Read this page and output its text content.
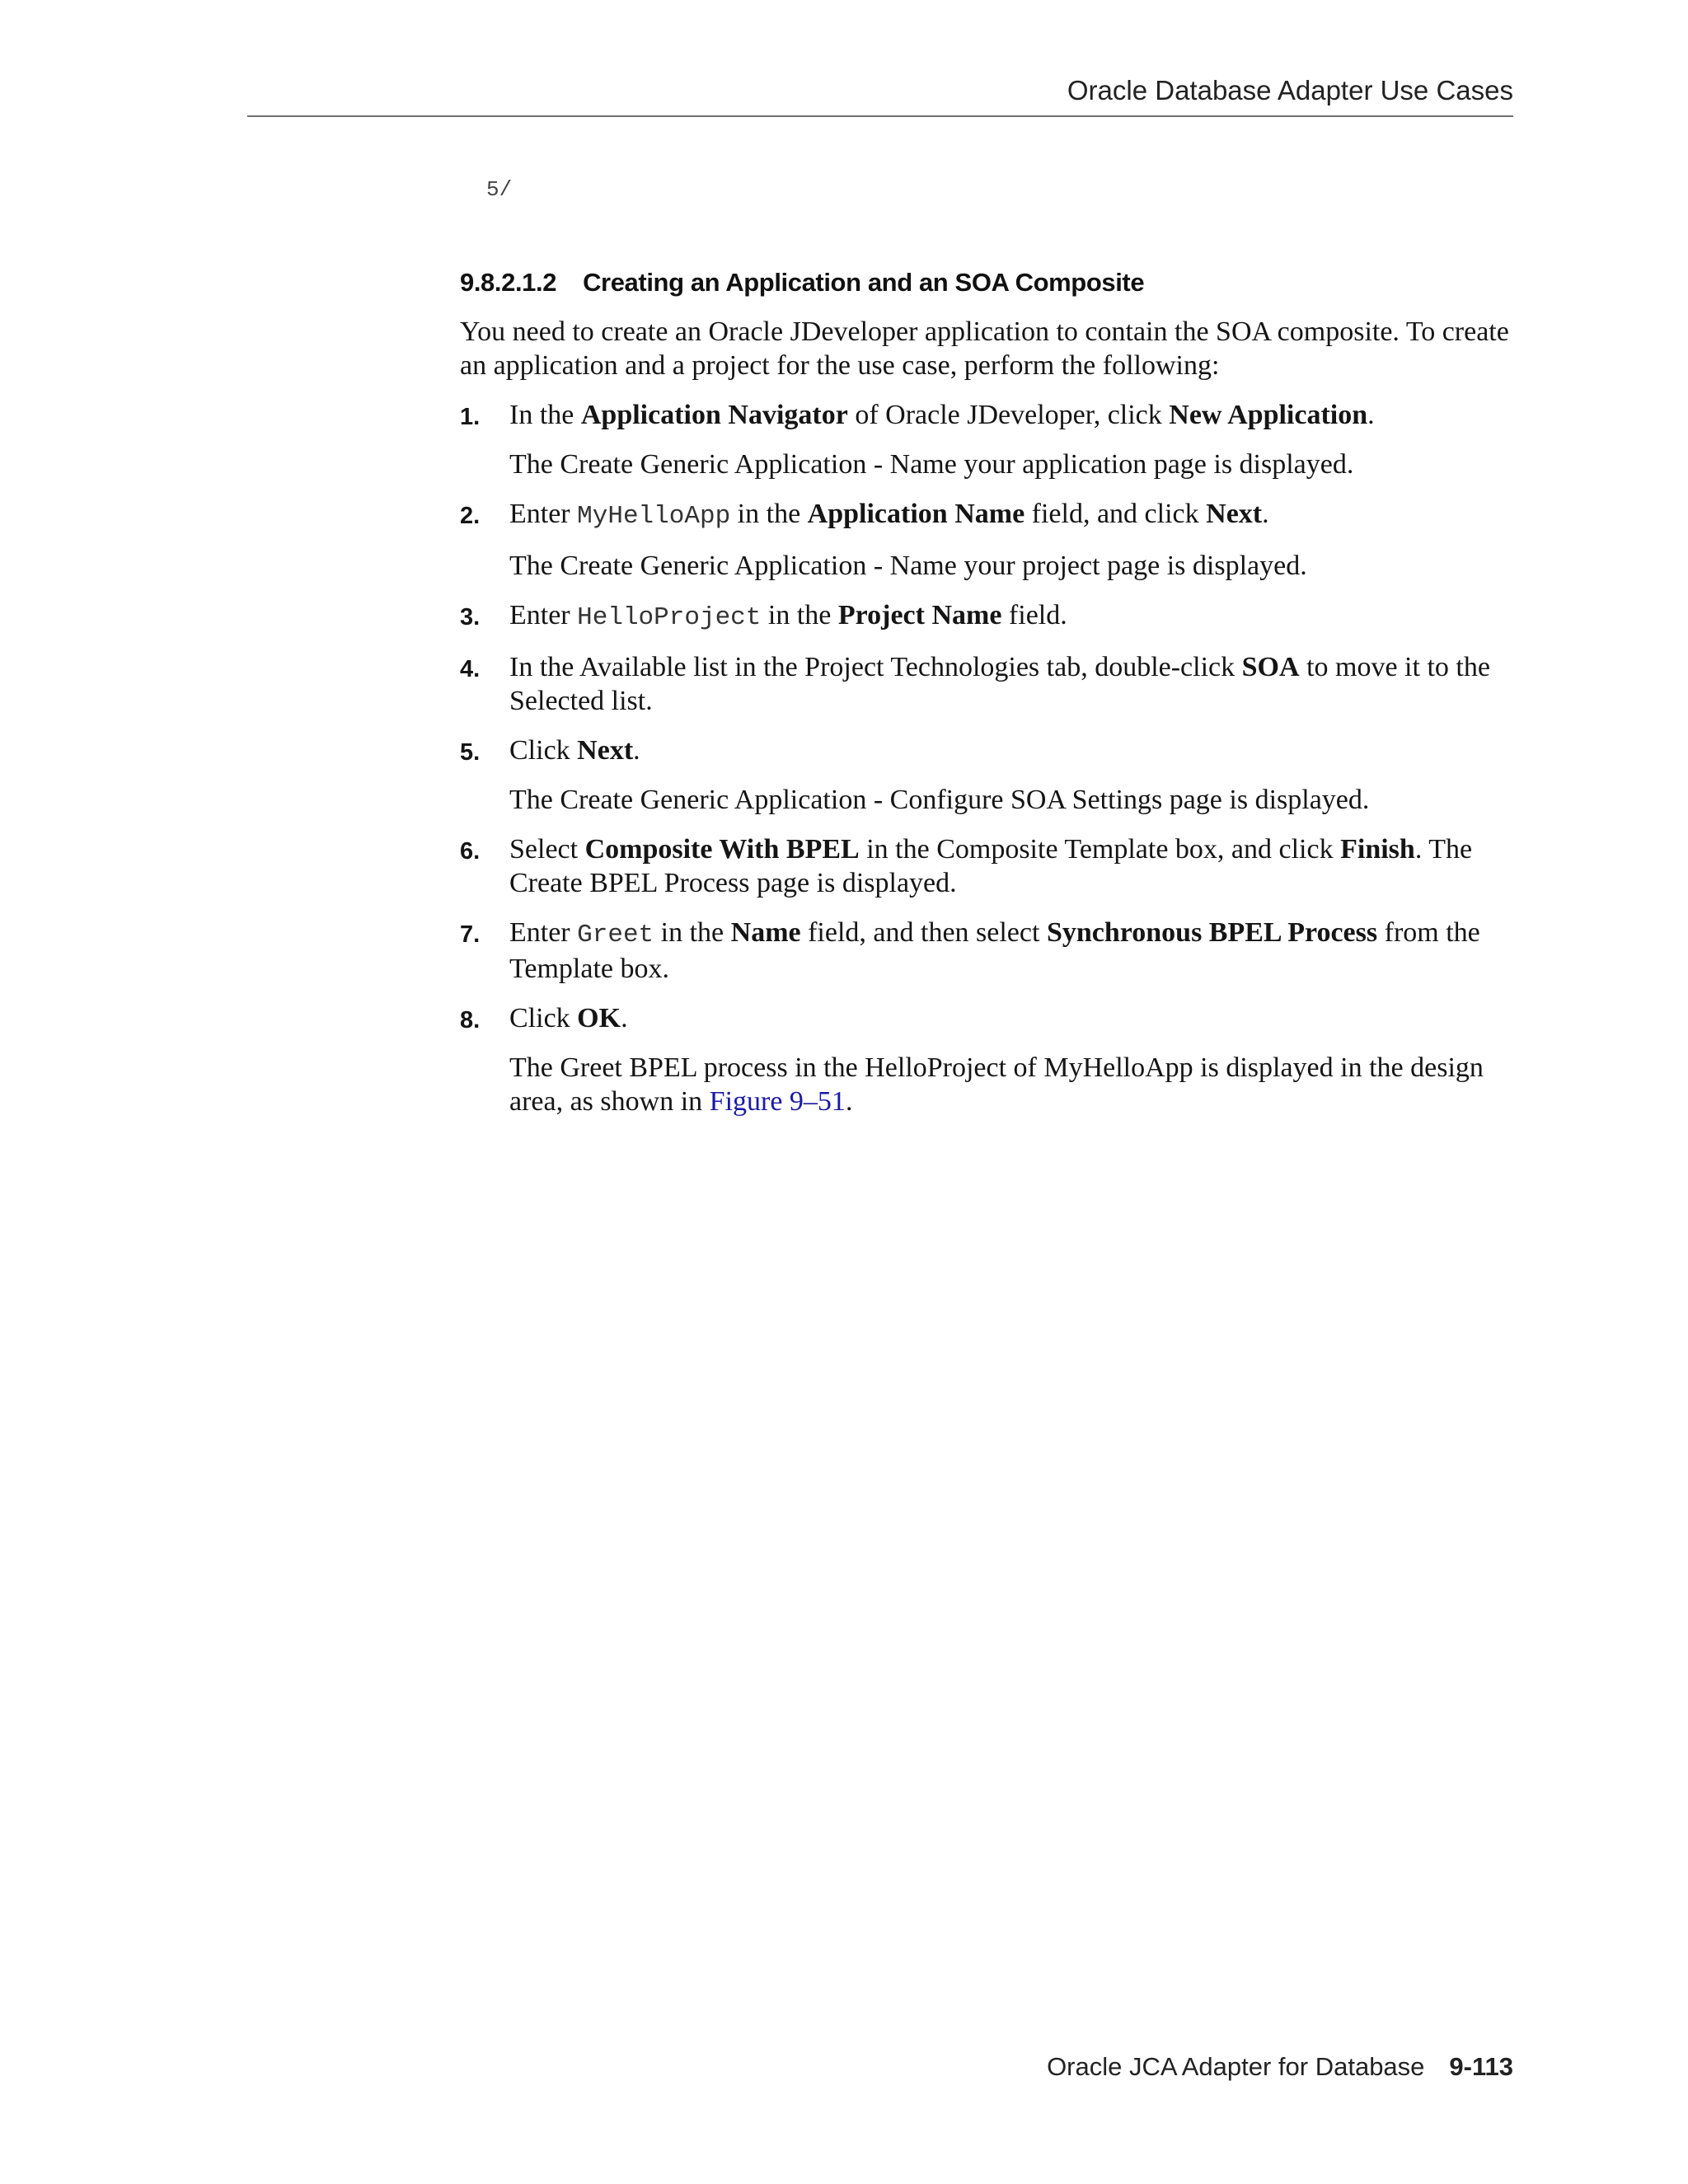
Oracle Database Adapter Use Cases
5/
9.8.2.1.2 Creating an Application and an SOA Composite

You need to create an Oracle JDeveloper application to contain the SOA composite. To create an application and a project for the use case, perform the following:

1. In the Application Navigator of Oracle JDeveloper, click New Application.

The Create Generic Application - Name your application page is displayed.

2. Enter MyHelloApp in the Application Name field, and click Next.

The Create Generic Application - Name your project page is displayed.

3. Enter HelloProject in the Project Name field.

4. In the Available list in the Project Technologies tab, double-click SOA to move it to the Selected list.

5. Click Next.

The Create Generic Application - Configure SOA Settings page is displayed.

6. Select Composite With BPEL in the Composite Template box, and click Finish. The Create BPEL Process page is displayed.

7. Enter Greet in the Name field, and then select Synchronous BPEL Process from the Template box.

8. Click OK.

The Greet BPEL process in the HelloProject of MyHelloApp is displayed in the design area, as shown in Figure 9–51.

Oracle JCA Adapter for Database 9-113
